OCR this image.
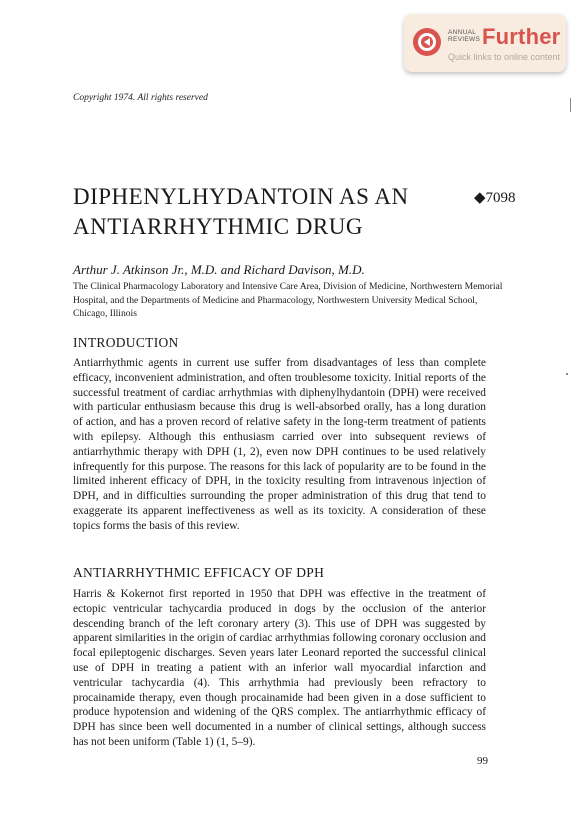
ANNUAL
REVIEWS Further
Quick links to online content
Copyright 1974. All rights reserved
DIPHENYLHYDANTOIN AS AN ANTIARRHYTHMIC DRUG
◆7098
Arthur J. Atkinson Jr., M.D. and Richard Davison, M.D.
The Clinical Pharmacology Laboratory and Intensive Care Area, Division of Medicine, Northwestern Memorial Hospital, and the Departments of Medicine and Pharmacology, Northwestern University Medical School, Chicago, Illinois
INTRODUCTION
Antiarrhythmic agents in current use suffer from disadvantages of less than complete efficacy, inconvenient administration, and often troublesome toxicity. Initial reports of the successful treatment of cardiac arrhythmias with diphenylhydantoin (DPH) were received with particular enthusiasm because this drug is well-absorbed orally, has a long duration of action, and has a proven record of relative safety in the long-term treatment of patients with epilepsy. Although this enthusiasm carried over into subsequent reviews of antiarrhythmic therapy with DPH (1, 2), even now DPH continues to be used relatively infrequently for this purpose. The reasons for this lack of popularity are to be found in the limited inherent efficacy of DPH, in the toxicity resulting from intravenous injection of DPH, and in difficulties surrounding the proper administration of this drug that tend to exaggerate its apparent ineffectiveness as well as its toxicity. A consideration of these topics forms the basis of this review.
ANTIARRHYTHMIC EFFICACY OF DPH
Harris & Kokernot first reported in 1950 that DPH was effective in the treatment of ectopic ventricular tachycardia produced in dogs by the occlusion of the anterior descending branch of the left coronary artery (3). This use of DPH was suggested by apparent similarities in the origin of cardiac arrhythmias following coronary occlusion and focal epileptogenic discharges. Seven years later Leonard reported the successful clinical use of DPH in treating a patient with an inferior wall myocardial infarction and ventricular tachycardia (4). This arrhythmia had previously been refractory to procainamide therapy, even though procainamide had been given in a dose sufficient to produce hypotension and widening of the QRS complex. The antiarrhythmic efficacy of DPH has since been well documented in a number of clinical settings, although success has not been uniform (Table 1) (1, 5–9).
99
